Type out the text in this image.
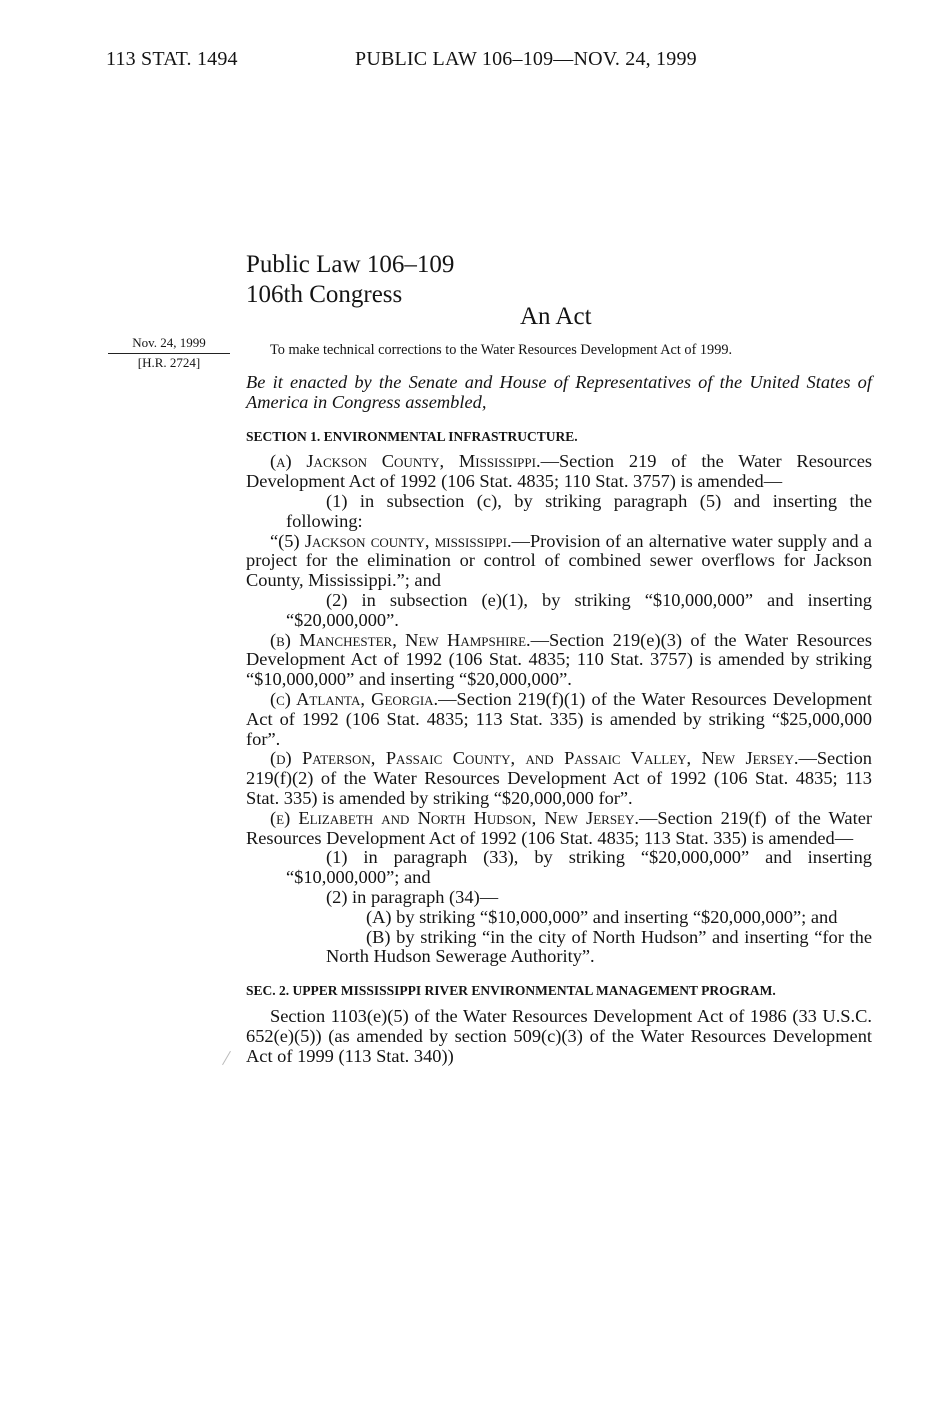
113 STAT. 1494	PUBLIC LAW 106–109—NOV. 24, 1999
Public Law 106–109
106th Congress
An Act
Nov. 24, 1999
[H.R. 2724]
To make technical corrections to the Water Resources Development Act of 1999.

Be it enacted by the Senate and House of Representatives of the United States of America in Congress assembled,

SECTION 1. ENVIRONMENTAL INFRASTRUCTURE.

(a) Jackson County, Mississippi.—Section 219 of the Water Resources Development Act of 1992 (106 Stat. 4835; 110 Stat. 3757) is amended—

(1) in subsection (c), by striking paragraph (5) and inserting the following:

“(5) Jackson county, mississippi.—Provision of an alternative water supply and a project for the elimination or control of combined sewer overflows for Jackson County, Mississippi.”; and

(2) in subsection (e)(1), by striking “$10,000,000” and inserting “$20,000,000”.

(b) Manchester, New Hampshire.—Section 219(e)(3) of the Water Resources Development Act of 1992 (106 Stat. 4835; 110 Stat. 3757) is amended by striking “$10,000,000” and inserting “$20,000,000”.

(c) Atlanta, Georgia.—Section 219(f)(1) of the Water Resources Development Act of 1992 (106 Stat. 4835; 113 Stat. 335) is amended by striking “$25,000,000 for”.

(d) Paterson, Passaic County, and Passaic Valley, New Jersey.—Section 219(f)(2) of the Water Resources Development Act of 1992 (106 Stat. 4835; 113 Stat. 335) is amended by striking “$20,000,000 for”.

(e) Elizabeth and North Hudson, New Jersey.—Section 219(f) of the Water Resources Development Act of 1992 (106 Stat. 4835; 113 Stat. 335) is amended—

(1) in paragraph (33), by striking “$20,000,000” and inserting “$10,000,000”; and

(2) in paragraph (34)—

(A) by striking “$10,000,000” and inserting “$20,000,000”; and

(B) by striking “in the city of North Hudson” and inserting “for the North Hudson Sewerage Authority”.

SEC. 2. UPPER MISSISSIPPI RIVER ENVIRONMENTAL MANAGEMENT PROGRAM.

Section 1103(e)(5) of the Water Resources Development Act of 1986 (33 U.S.C. 652(e)(5)) (as amended by section 509(c)(3) of the Water Resources Development Act of 1999 (113 Stat. 340))
